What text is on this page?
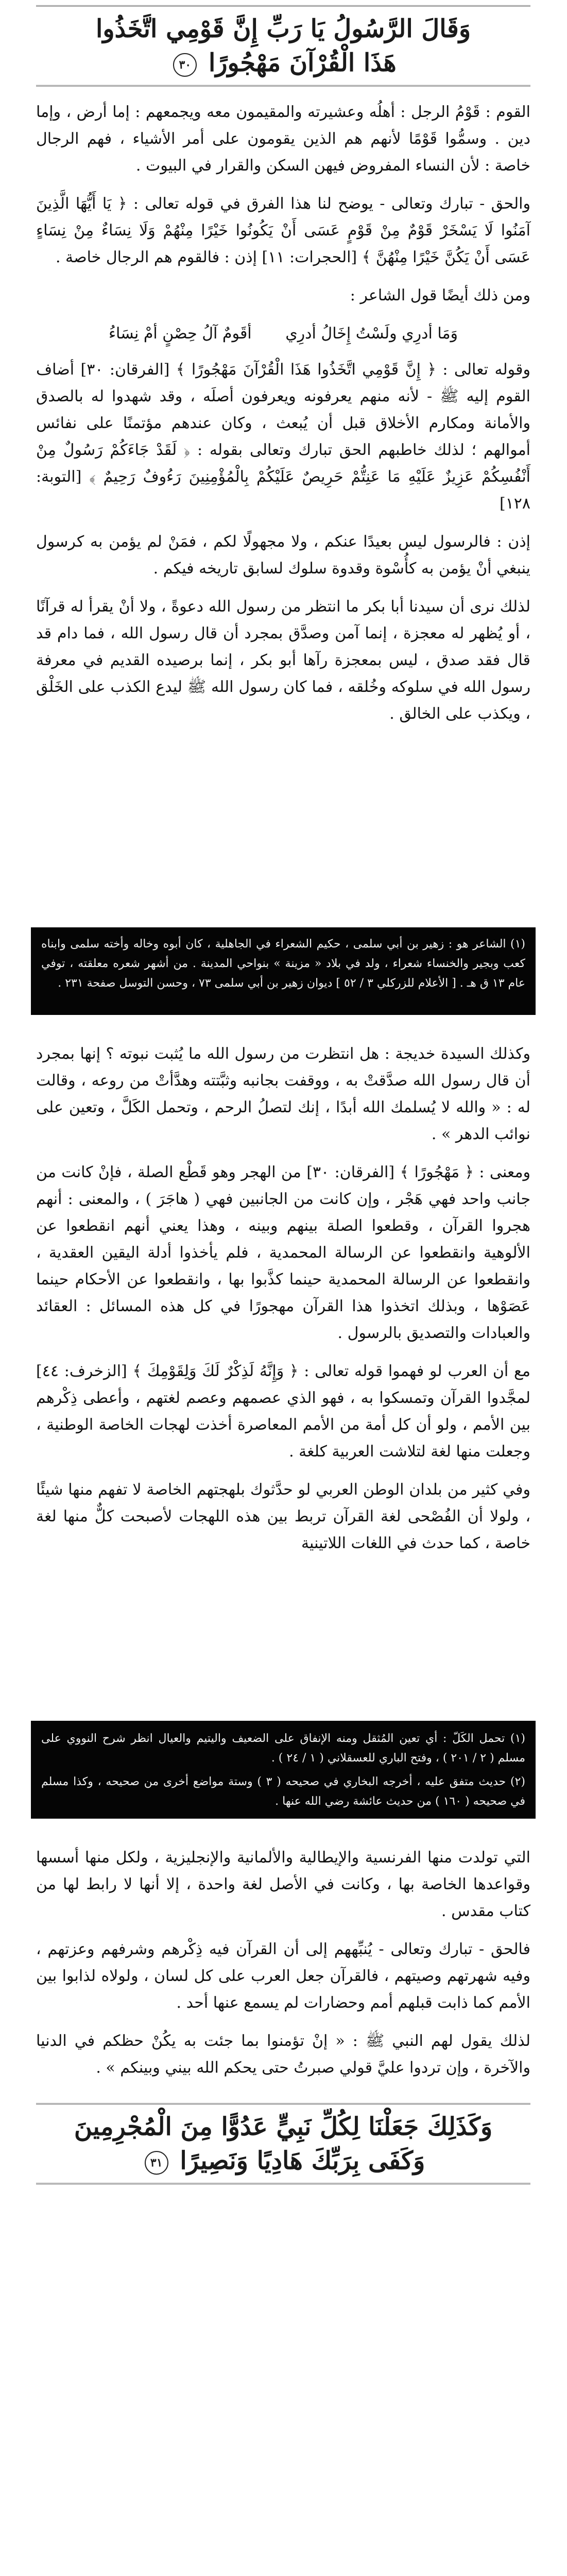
وَقَالَ الرَّسُولُ يَا رَبِّ إِنَّ قَوْمِي اتَّخَذُوا
هَذَا الْقُرْآنَ مَهْجُورًا ٣٠

القوم : قَوْمُ الرجل : أهلُه وعشيرته والمقيمون معه ويجمعهم : إما أرض ، وإما دين . وسمُّوا قَوْمًا لأنهم هم الذين يقومون على أمر الأشياء ، فهم الرجال خاصة : لأن النساء المفروض فيهن السكن والقرار في البيوت .

والحق - تبارك وتعالى - يوضح لنا هذا الفرق في قوله تعالى : ﴿ يَا أَيُّهَا الَّذِينَ آمَنُوا لَا يَسْخَرْ قَوْمٌ مِنْ قَوْمٍ عَسَى أَنْ يَكُونُوا خَيْرًا مِنْهُمْ وَلَا نِسَاءٌ مِنْ نِسَاءٍ عَسَى أَنْ يَكُنَّ خَيْرًا مِنْهُنَّ ﴾ [الحجرات: ١١] إذن : فالقوم هم الرجال خاصة .

ومن ذلك أيضًا قول الشاعر :

وَمَا أدرِي ولَسْتُ إِخَالُ أدرِي أقَومٌ آلُ حِصْنٍ أمْ نِسَاءُ

وقوله تعالى : ﴿ إِنَّ قَوْمِي اتَّخَذُوا هَذَا الْقُرْآنَ مَهْجُورًا ﴾ [الفرقان: ٣٠] أضاف القوم إليه ﷺ - لأنه منهم يعرفونه ويعرفون أصلَه ، وقد شهدوا له بالصدق والأمانة ومكارم الأخلاق قبل أن يُبعث ، وكان عندهم مؤتمنًا على نفائس أموالهم ؛ لذلك خاطبهم الحق تبارك وتعالى بقوله : ﴿ لَقَدْ جَاءَكُمْ رَسُولٌ مِنْ أَنْفُسِكُمْ عَزِيزٌ عَلَيْهِ مَا عَنِتُّمْ حَرِيصٌ عَلَيْكُمْ بِالْمُؤْمِنِينَ رَءُوفٌ رَحِيمٌ ﴾ [التوبة: ١٢٨]

إذن : فالرسول ليس بعيدًا عنكم ، ولا مجهولًا لكم ، فمَنْ لم يؤمن به كرسول ينبغي أنْ يؤمن به كأُسْوة وقدوة سلوك لسابق تاريخه فيكم .

لذلك نرى أن سيدنا أبا بكر ما انتظر من رسول الله دعوةً ، ولا أنْ يقرأ له قرآنًا ، أو يُظهر له معجزة ، إنما آمن وصدَّق بمجرد أن قال رسول الله ، فما دام قد قال فقد صدق ، ليس بمعجزة رآها أبو بكر ، إنما برصيده القديم في معرفة رسول الله في سلوكه وخُلقه ، فما كان رسول الله ﷺ ليدع الكذب على الخَلْق ، ويكذب على الخالق .

(١) الشاعر هو : زهير بن أبي سلمى ، حكيم الشعراء في الجاهلية ، كان أبوه وخاله وأخته سلمى وابناه كعب وبجير والخنساء شعراء ، ولد في بلاد « مزينة » بنواحي المدينة . من أشهر شعره معلقته ، توفي عام ١٣ ق هـ . [ الأعلام للزركلي ٣ / ٥٢ ] ديوان زهير بن أبي سلمى ٧٣ ، وحسن التوسل صفحة ٢٣١ .

وكذلك السيدة خديجة : هل انتظرت من رسول الله ما يُثبت نبوته ؟ إنها بمجرد أن قال رسول الله صدَّقتْ به ، ووقفت بجانبه وثبَّتته وهدَّأتْ من روعه ، وقالت له : « والله لا يُسلمك الله أبدًا ، إنك لتصلُ الرحم ، وتحمل الكَلَّ ، وتعين على نوائب الدهر » .

ومعنى : ﴿ مَهْجُورًا ﴾ [الفرقان: ٣٠] من الهجر وهو قَطْع الصلة ، فإنْ كانت من جانب واحد فهي هَجْر ، وإن كانت من الجانبين فهي ( هاجَرَ ) ، والمعنى : أنهم هجروا القرآن ، وقطعوا الصلة بينهم وبينه ، وهذا يعني أنهم انقطعوا عن الألوهية وانقطعوا عن الرسالة المحمدية ، فلم يأخذوا أدلة اليقين العقدية ، وانقطعوا عن الرسالة المحمدية حينما كذَّبوا بها ، وانقطعوا عن الأحكام حينما عَصَوْها ، وبذلك اتخذوا هذا القرآن مهجورًا في كل هذه المسائل : العقائد والعبادات والتصديق بالرسول .

مع أن العرب لو فهموا قوله تعالى : ﴿ وَإِنَّهُ لَذِكْرٌ لَكَ وَلِقَوْمِكَ ﴾ [الزخرف: ٤٤] لمجَّدوا القرآن وتمسكوا به ، فهو الذي عصمهم وعصم لغتهم ، وأعطى ذِكْرهم بين الأمم ، ولو أن كل أمة من الأمم المعاصرة أخذت لهجات الخاصة الوطنية ، وجعلت منها لغة لتلاشت العربية كلغة .

وفي كثير من بلدان الوطن العربي لو حدَّثوك بلهجتهم الخاصة لا تفهم منها شيئًا ، ولولا أن الفُصْحى لغة القرآن تربط بين هذه اللهجات لأصبحت كلٌّ منها لغة خاصة ، كما حدث في اللغات اللاتينية

(١) تحمل الكَلّ : أي تعين المُثقل ومنه الإنفاق على الضعيف واليتيم والعيال انظر شرح النووي على مسلم ( ٢ / ٢٠١ ) ، وفتح الباري للعسقلاني ( ١ / ٢٤ ) .

(٢) حديث متفق عليه ، أخرجه البخاري في صحيحه ( ٣ ) وستة مواضع أخرى من صحيحه ، وكذا مسلم في صحيحه ( ١٦٠ ) من حديث عائشة رضي الله عنها .

التي تولدت منها الفرنسية والإيطالية والألمانية والإنجليزية ، ولكل منها أسسها وقواعدها الخاصة بها ، وكانت في الأصل لغة واحدة ، إلا أنها لا رابط لها من كتاب مقدس .

فالحق - تبارك وتعالى - يُنبِّههم إلى أن القرآن فيه ذِكْرهم وشرفهم وعزتهم ، وفيه شهرتهم وصيتهم ، فالقرآن جعل العرب على كل لسان ، ولولاه لذابوا بين الأمم كما ذابت قبلهم أمم وحضارات لم يسمع عنها أحد .

لذلك يقول لهم النبي ﷺ : « إنْ تؤمنوا بما جئت به يكُنْ حظكم في الدنيا والآخرة ، وإن تردوا عليَّ قولي صبرتُ حتى يحكم الله بيني وبينكم » .

وَكَذَلِكَ جَعَلْنَا لِكُلِّ نَبِيٍّ عَدُوًّا مِنَ الْمُجْرِمِينَ
وَكَفَى بِرَبِّكَ هَادِيًا وَنَصِيرًا ٣١
